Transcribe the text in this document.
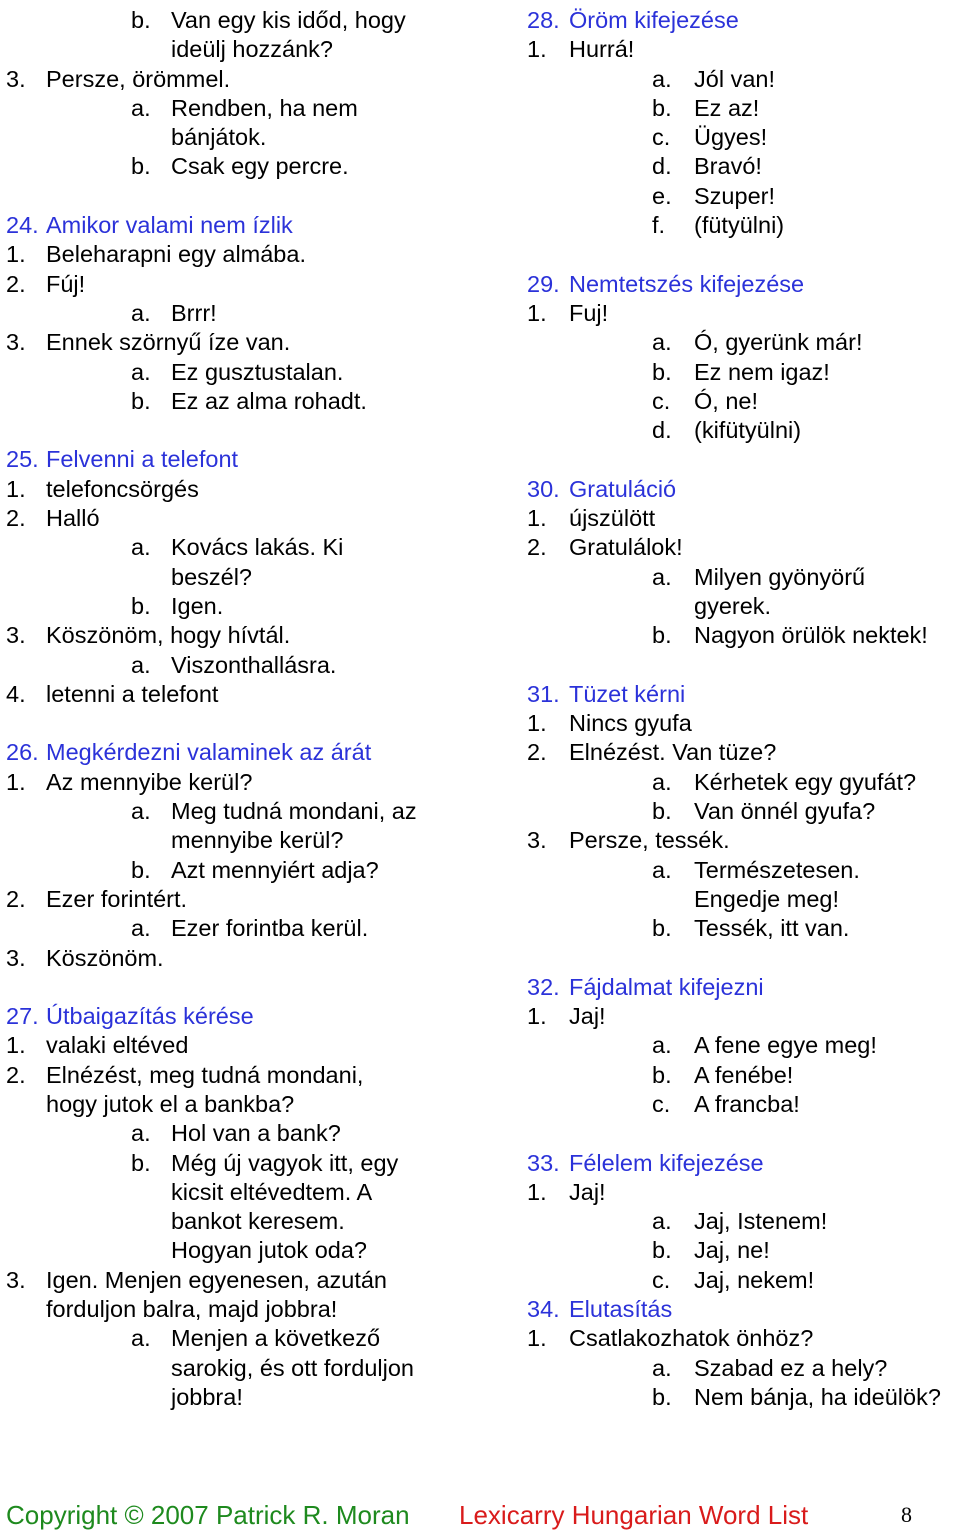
b. Van egy kis időd, hogy
ideülj hozzánk?
3. Persze, örömmel.
a. Rendben, ha nem
bánjátok.
b. Csak egy percre.
24. Amikor valami nem ízlik
1. Beleharapni egy almába.
2. Fúj!
a. Brrr!
3. Ennek szörnyű íze van.
a. Ez gusztustalan.
b. Ez az alma rohadt.
25. Felvenni a telefont
1. telefoncsörgés
2. Halló
a. Kovács lakás. Ki
beszél?
b. Igen.
3. Köszönöm, hogy hívtál.
a. Viszonthallásra.
4. letenni a telefont
26. Megkérdezni valaminek az árát
1. Az mennyibe kerül?
a. Meg tudná mondani, az
mennyibe kerül?
b. Azt mennyiért adja?
2. Ezer forintért.
a. Ezer forintba kerül.
3. Köszönöm.
27. Útbaigazítás kérése
1. valaki eltéved
2. Elnézést, meg tudná mondani,
hogy jutok el a bankba?
a. Hol van a bank?
b. Még új vagyok itt, egy
kicsit eltévedtem. A
bankot keresem.
Hogyan jutok oda?
3. Igen. Menjen egyenesen, azután
forduljon balra, majd jobbra!
a. Menjen a következő
sarokig, és ott forduljon
jobbra!
28. Öröm kifejezése
1. Hurrá!
a. Jól van!
b. Ez az!
c. Ügyes!
d. Bravó!
e. Szuper!
f. (fütyülni)
29. Nemtetszés kifejezése
1. Fuj!
a. Ó, gyerünk már!
b. Ez nem igaz!
c. Ó, ne!
d. (kifütyülni)
30. Gratuláció
1. újszülött
2. Gratulálok!
a. Milyen gyönyörű
gyerek.
b. Nagyon örülök nektek!
31. Tüzet kérni
1. Nincs gyufa
2. Elnézést. Van tüze?
a. Kérhetek egy gyufát?
b. Van önnél gyufa?
3. Persze, tessék.
a. Természetesen.
Engedje meg!
b. Tessék, itt van.
32. Fájdalmat kifejezni
1. Jaj!
a. A fene egye meg!
b. A fenébe!
c. A francba!
33. Félelem kifejezése
1. Jaj!
a. Jaj, Istenem!
b. Jaj, ne!
c. Jaj, nekem!
34. Elutasítás
1. Csatlakozhatok önhöz?
a. Szabad ez a hely?
b. Nem bánja, ha ideülök?
Copyright © 2007 Patrick R. Moran Lexicarry Hungarian Word List	8
